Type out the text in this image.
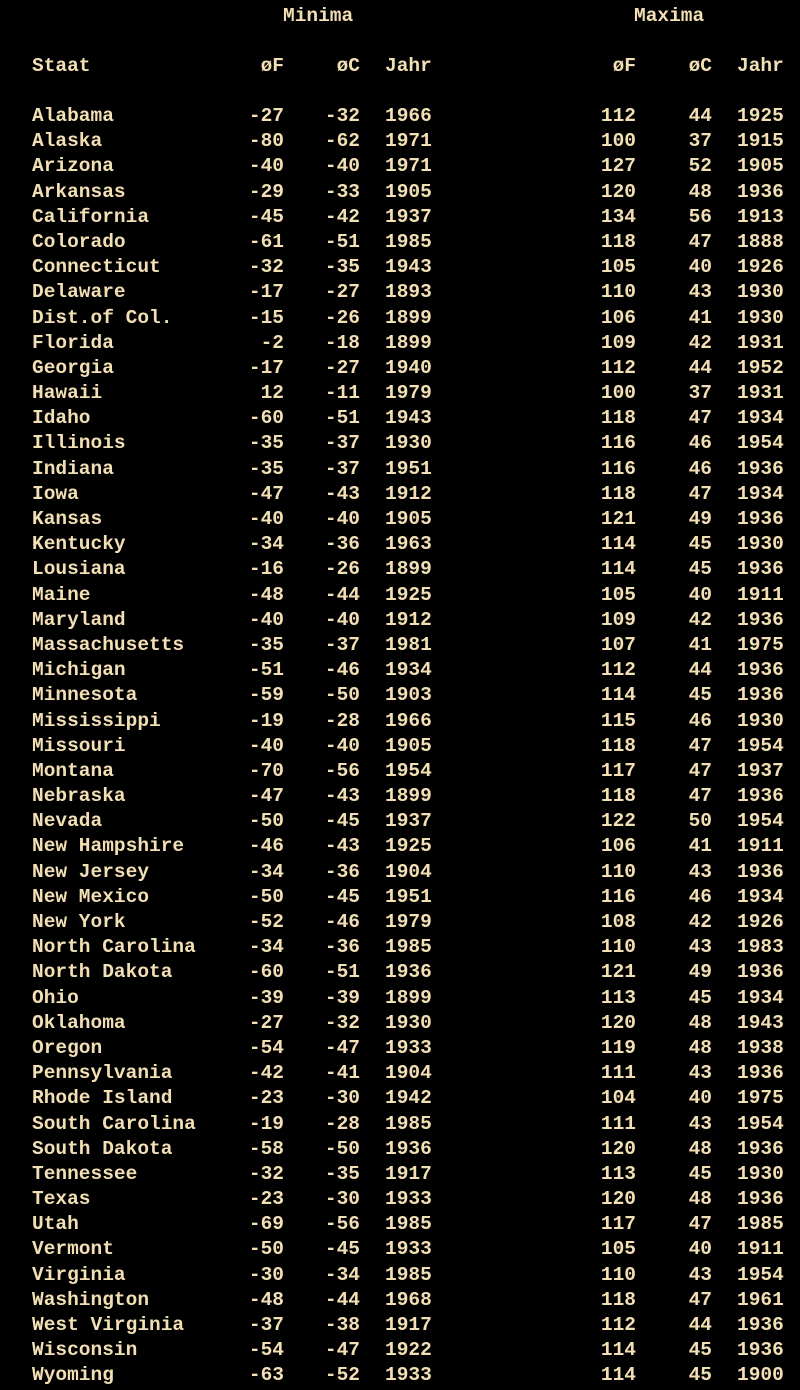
Minima	Maxima
Staat	øF	øC Jahr	øF	øC Jahr
Alabama	-27	-32 1966	112	44 1925
Alaska	-80	-62 1971	100	37 1915
Arizona	-40	-40 1971	127	52 1905
Arkansas	-29	-33 1905	120	48 1936
California	-45	-42 1937	134	56 1913
Colorado	-61	-51 1985	118	47 1888
Connecticut	-32	-35 1943	105	40 1926
Delaware	-17	-27 1893	110	43 1930
Dist.of Col.	-15	-26 1899	106	41 1930
Florida	-2	-18 1899	109	42 1931
Georgia	-17	-27 1940	112	44 1952
Hawaii	12	-11 1979	100	37 1931
Idaho	-60	-51 1943	118	47 1934
Illinois	-35	-37 1930	116	46 1954
Indiana	-35	-37 1951	116	46 1936
Iowa	-47	-43 1912	118	47 1934
Kansas	-40	-40 1905	121	49 1936
Kentucky	-34	-36 1963	114	45 1930
Lousiana	-16	-26 1899	114	45 1936
Maine	-48	-44 1925	105	40 1911
Maryland	-40	-40 1912	109	42 1936
Massachusetts	-35	-37 1981	107	41 1975
Michigan	-51	-46 1934	112	44 1936
Minnesota	-59	-50 1903	114	45 1936
Mississippi	-19	-28 1966	115	46 1930
Missouri	-40	-40 1905	118	47 1954
Montana	-70	-56 1954	117	47 1937
Nebraska	-47	-43 1899	118	47 1936
Nevada	-50	-45 1937	122	50 1954
New Hampshire	-46	-43 1925	106	41 1911
New Jersey	-34	-36 1904	110	43 1936
New Mexico	-50	-45 1951	116	46 1934
New York	-52	-46 1979	108	42 1926
North Carolina	-34	-36 1985	110	43 1983
North Dakota	-60	-51 1936	121	49 1936
Ohio	-39	-39 1899	113	45 1934
Oklahoma	-27	-32 1930	120	48 1943
Oregon	-54	-47 1933	119	48 1938
Pennsylvania	-42	-41 1904	111	43 1936
Rhode Island	-23	-30 1942	104	40 1975
South Carolina	-19	-28 1985	111	43 1954
South Dakota	-58	-50 1936	120	48 1936
Tennessee	-32	-35 1917	113	45 1930
Texas	-23	-30 1933	120	48 1936
Utah	-69	-56 1985	117	47 1985
Vermont	-50	-45 1933	105	40 1911
Virginia	-30	-34 1985	110	43 1954
Washington	-48	-44 1968	118	47 1961
West Virginia	-37	-38 1917	112	44 1936
Wisconsin	-54	-47 1922	114	45 1936
Wyoming	-63	-52 1933	114	45 1900
